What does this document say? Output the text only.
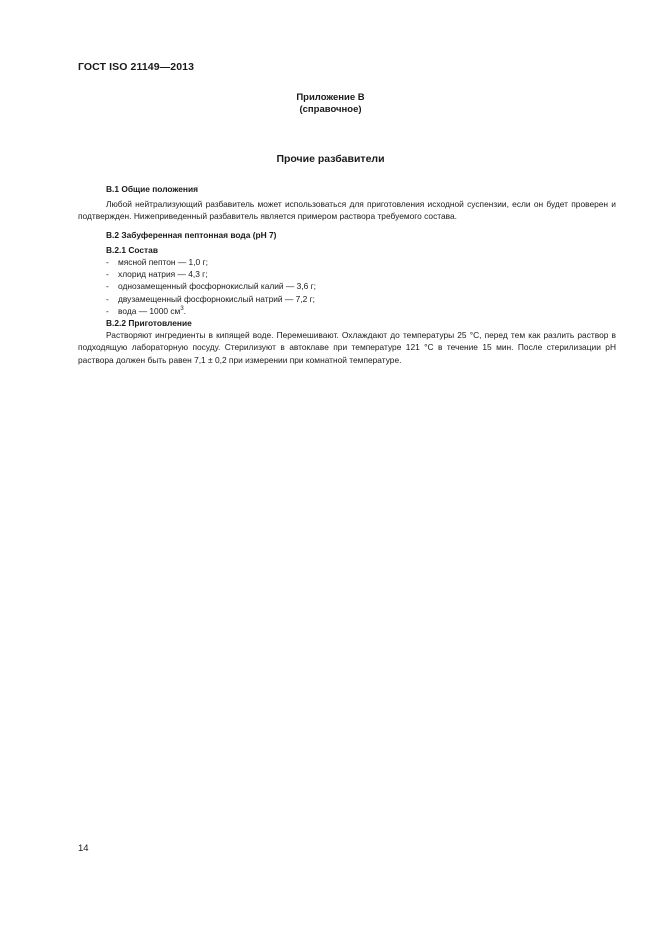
ГОСТ ISO 21149—2013
Приложение В
(справочное)
Прочие разбавители

В.1 Общие положения

Любой нейтрализующий разбавитель может использоваться для приготовления исходной суспензии, если он будет проверен и подтвержден. Нижеприведенный разбавитель является примером раствора требуемого состава.

В.2 Забуференная пептонная вода (рН 7)

В.2.1 Состав

- мясной пептон — 1,0 г;
- хлорид натрия — 4,3 г;
- однозамещенный фосфорнокислый калий — 3,6 г;
- двузамещенный фосфорнокислый натрий — 7,2 г;
- вода — 1000 $см^3$.

В.2.2 Приготовление

Растворяют ингредиенты в кипящей воде. Перемешивают. Охлаждают до температуры 25 °С, перед тем как разлить раствор в подходящую лабораторную посуду. Стерилизуют в автоклаве при температуре 121 °С в течение 15 мин. После стерилизации рН раствора должен быть равен 7,1 ± 0,2 при измерении при комнатной температуре.

14
